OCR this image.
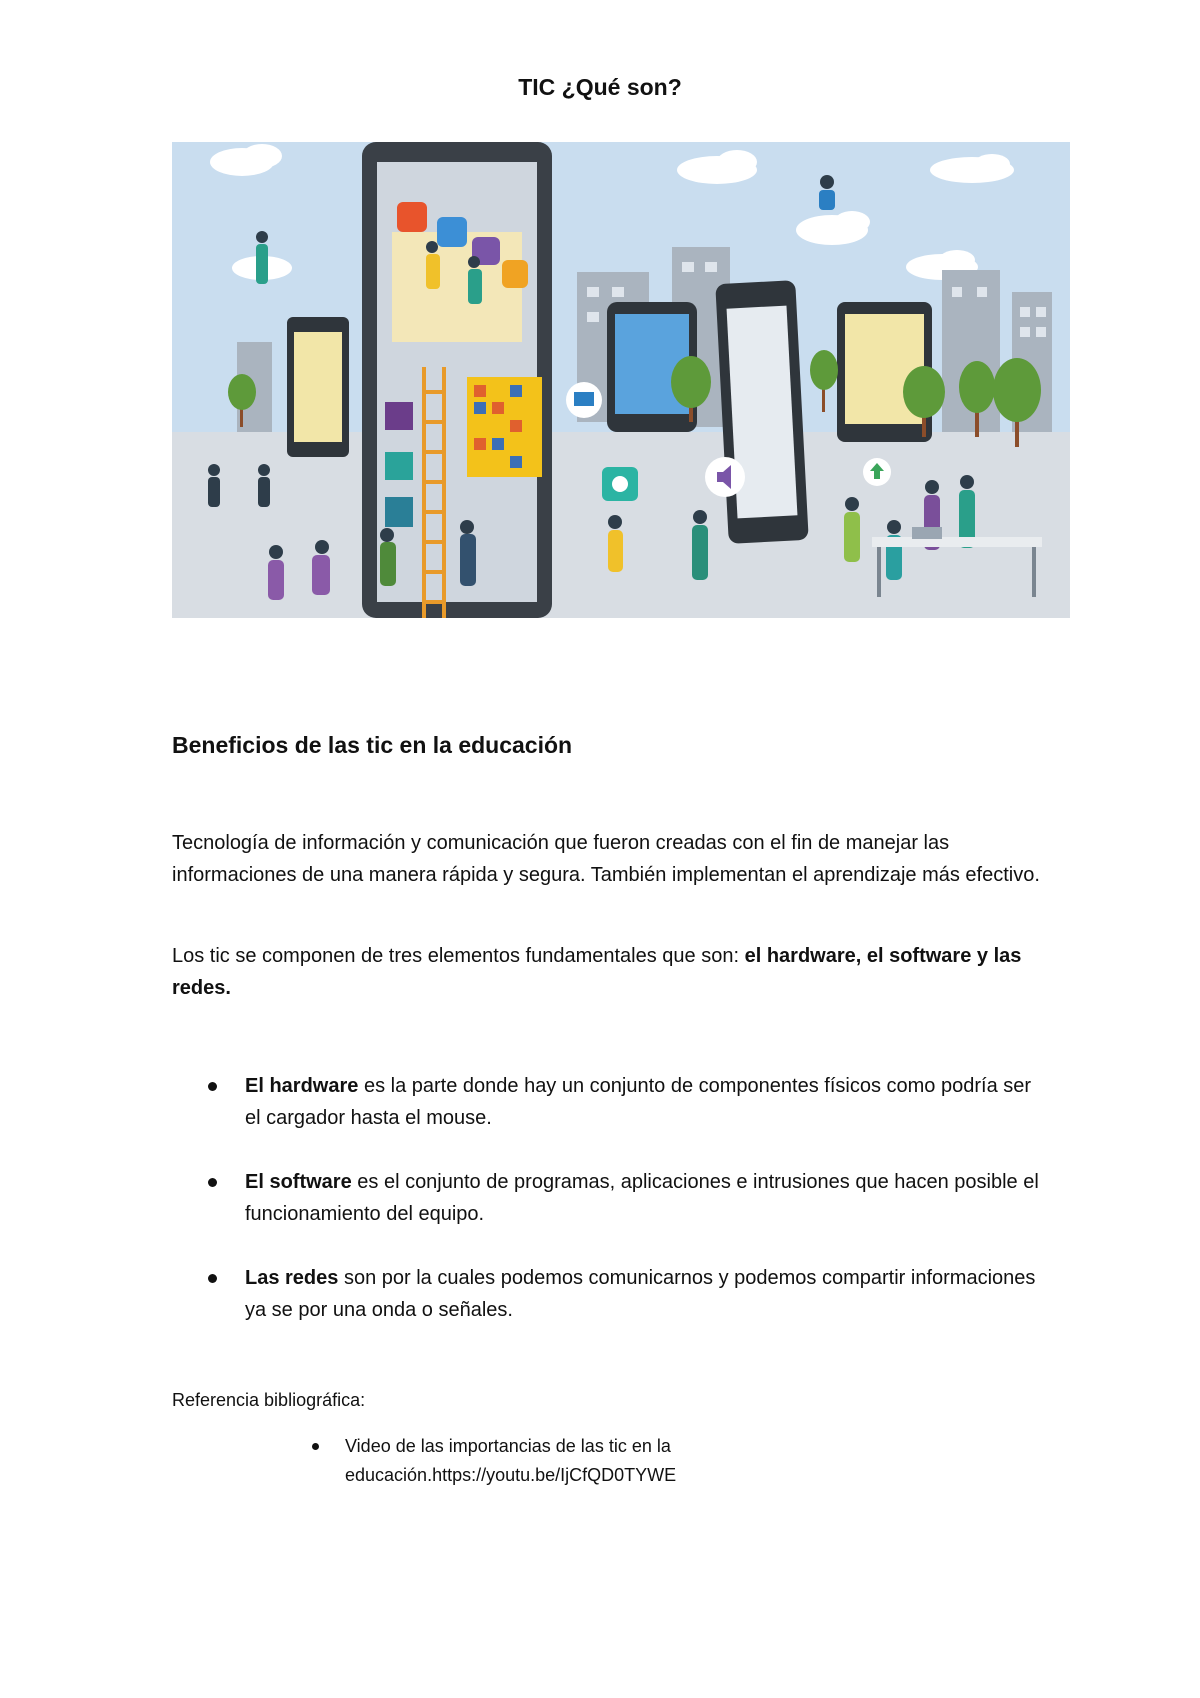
TIC ¿Qué son?
Beneficios de las tic en la educación

Tecnología de información y comunicación que fueron creadas con el fin de manejar las informaciones de una manera rápida y segura. También implementan el aprendizaje más efectivo.

Los tic se componen de tres elementos fundamentales que son: el hardware, el software y las redes.

El hardware es la parte donde hay un conjunto de componentes físicos como podría ser el cargador hasta el mouse.
El software es el conjunto de programas, aplicaciones e intrusiones que hacen posible el funcionamiento del equipo.
Las redes son por la cuales podemos comunicarnos y podemos compartir informaciones ya se por una onda o señales.

Referencia bibliográfica:

Video de las importancias de las tic en la educación.https://youtu.be/IjCfQD0TYWE
